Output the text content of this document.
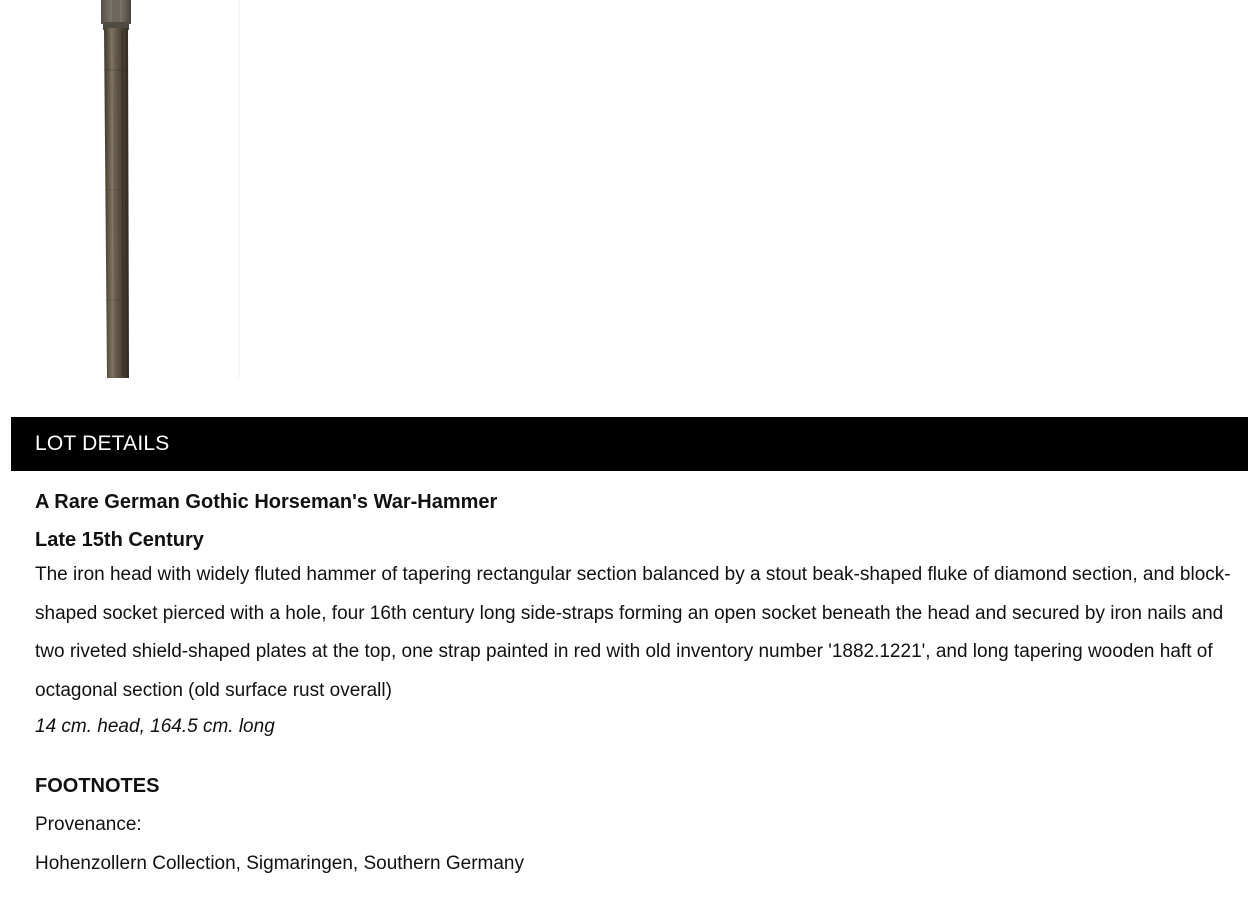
LOT DETAILS
A Rare German Gothic Horseman's War-Hammer
Late 15th Century
The iron head with widely fluted hammer of tapering rectangular section balanced by a stout beak-shaped fluke of diamond section, and block-shaped socket pierced with a hole, four 16th century long side-straps forming an open socket beneath the head and secured by iron nails and two riveted shield-shaped plates at the top, one strap painted in red with old inventory number '1882.1221', and long tapering wooden haft of octagonal section (old surface rust overall)
14 cm. head, 164.5 cm. long
FOOTNOTES
Provenance:
Hohenzollern Collection, Sigmaringen, Southern Germany
